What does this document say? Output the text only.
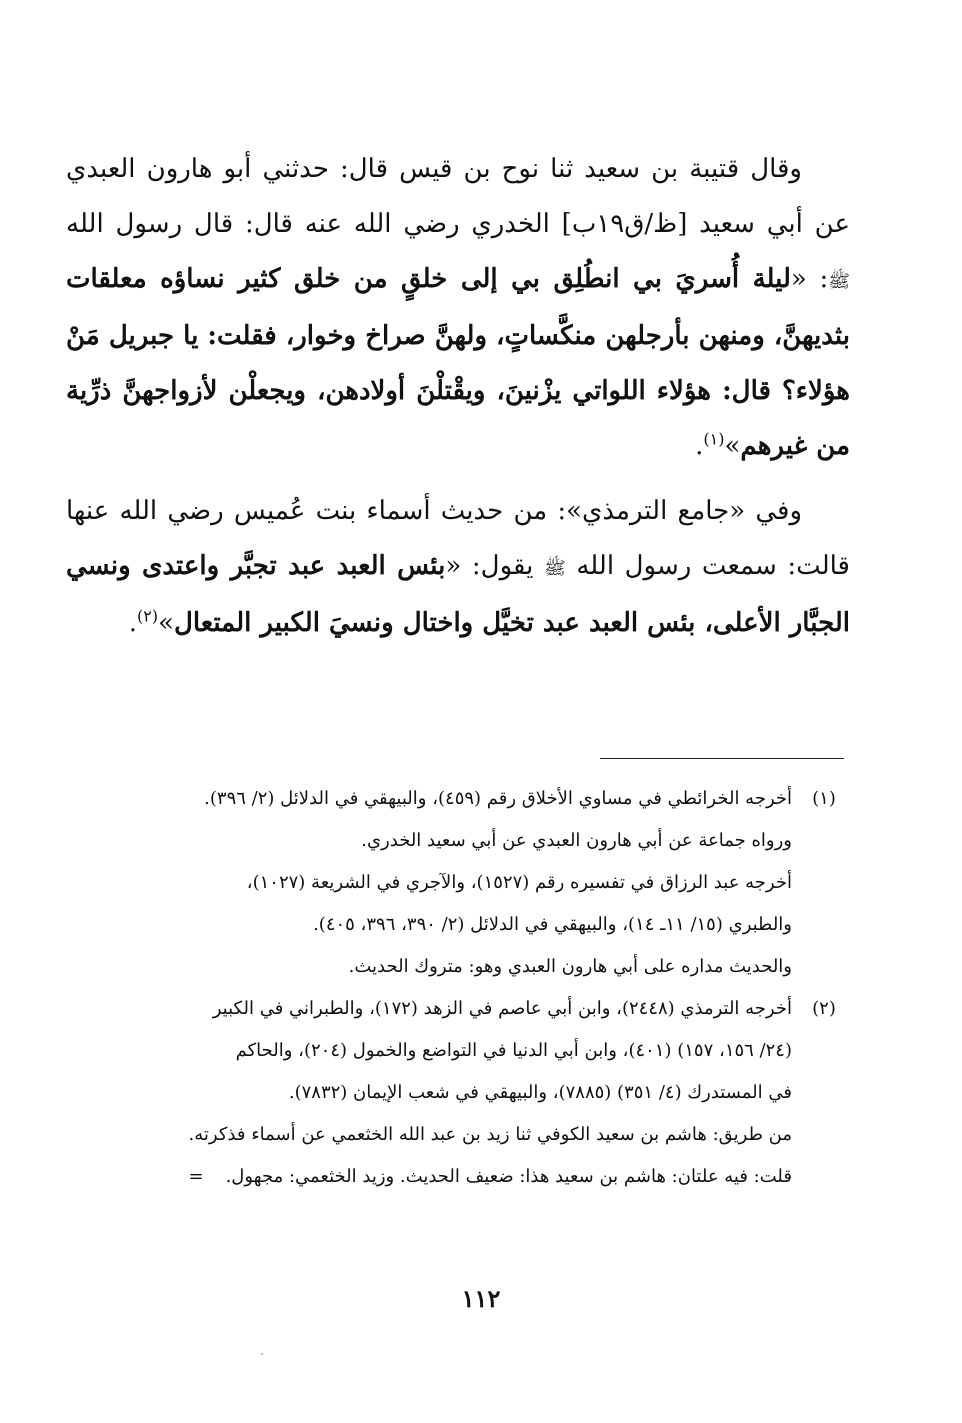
وقال قتيبة بن سعيد ثنا نوح بن قيس قال: حدثني أبو هارون العبدي عن أبي سعيد [ظ/ق١٩ب] الخدري رضي الله عنه قال: قال رسول الله ﷺ: «ليلة أُسريَ بي انطُلِق بي إلى خلقٍ من خلق كثير نساؤه معلقات بثديهنَّ، ومنهن بأرجلهن منكَّساتٍ، ولهنَّ صراخ وخوار، فقلت: يا جبريل مَنْ هؤلاء؟ قال: هؤلاء اللواتي يزْنينَ، ويقْتلْنَ أولادهن، ويجعلْن لأزواجهنَّ ذرِّية من غيرهم»$^{(١)}$.

وفي «جامع الترمذي»: من حديث أسماء بنت عُميس رضي الله عنها قالت: سمعت رسول الله ﷺ يقول: «بئس العبد عبد تجبَّر واعتدى ونسي الجبَّار الأعلى، بئس العبد عبد تخيَّل واختال ونسيَ الكبير المتعال»$^{(٢)}$.

(١)
أخرجه الخرائطي في مساوي الأخلاق رقم (٤٥٩)، والبيهقي في الدلائل (٢/ ٣٩٦).
ورواه جماعة عن أبي هارون العبدي عن أبي سعيد الخدري.
أخرجه عبد الرزاق في تفسيره رقم (١٥٢٧)، والآجري في الشريعة (١٠٢٧)،
والطبري (١٥/ ١١ـ ١٤)، والبيهقي في الدلائل (٢/ ٣٩٠، ٣٩٦، ٤٠٥).
والحديث مداره على أبي هارون العبدي وهو: متروك الحديث.
(٢)
أخرجه الترمذي (٢٤٤٨)، وابن أبي عاصم في الزهد (١٧٢)، والطبراني في الكبير
(٢٤/ ١٥٦، ١٥٧) (٤٠١)، وابن أبي الدنيا في التواضع والخمول (٢٠٤)، والحاكم
في المستدرك (٤/ ٣٥١) (٧٨٨٥)، والبيهقي في شعب الإيمان (٧٨٣٢).
من طريق: هاشم بن سعيد الكوفي ثنا زيد بن عبد الله الخثعمي عن أسماء فذكرته.
قلت: فيه علتان: هاشم بن سعيد هذا: ضعيف الحديث. وزيد الخثعمي: مجهول.=
١١٢
